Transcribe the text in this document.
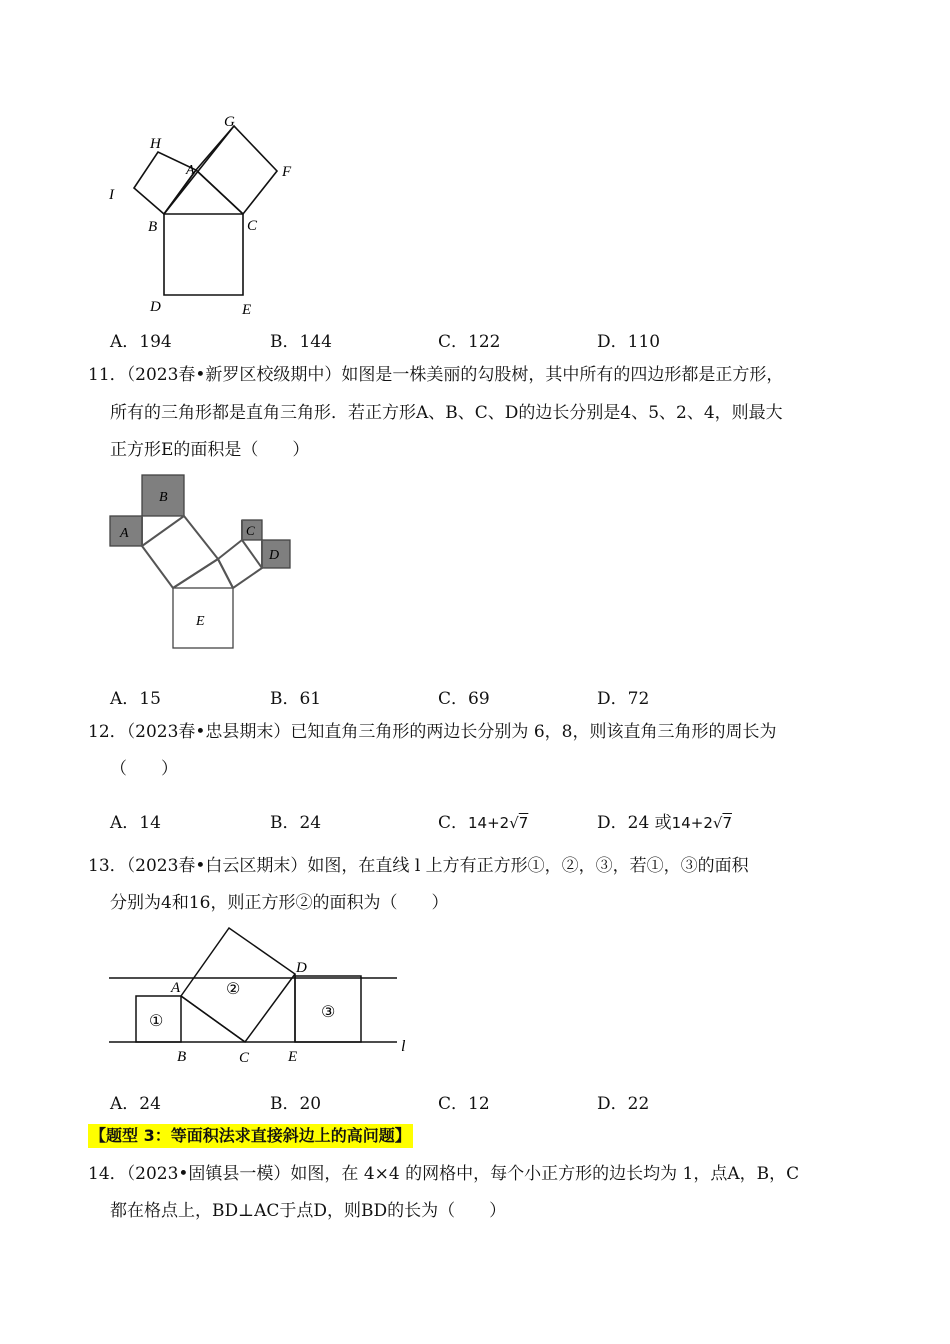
G
H
A	F
I
B	C
D	E
A．194	B．144	C．122	D．110
11．（2023春•新罗区校级期中）如图是一株美丽的勾股树，其中所有的四边形都是正方形，
所有的三角形都是直角三角形．若正方形A、B、C、D的边长分别是4、5、2、4，则最大
正方形E的面积是（　　）
A
B
C
D
E
A．15	B．61	C．69	D．72
12．（2023春•忠县期末）已知直角三角形的两边长分别为 6，8，则该直角三角形的周长为
（　　）
A．14	B．24	C．14+2√7	D．24 或14+2√7
13．（2023春•白云区期末）如图，在直线 l 上方有正方形①，②，③，若①，③的面积
分别为4和16，则正方形②的面积为（　　）
A
D
B	C	E
l
①
②
③
A．24	B．20	C．12	D．22
【题型 3：等面积法求直接斜边上的高问题】
14．（2023•固镇县一模）如图，在 4×4 的网格中，每个小正方形的边长均为 1，点A，B，C
都在格点上，BD⊥AC于点D，则BD的长为（　　）
